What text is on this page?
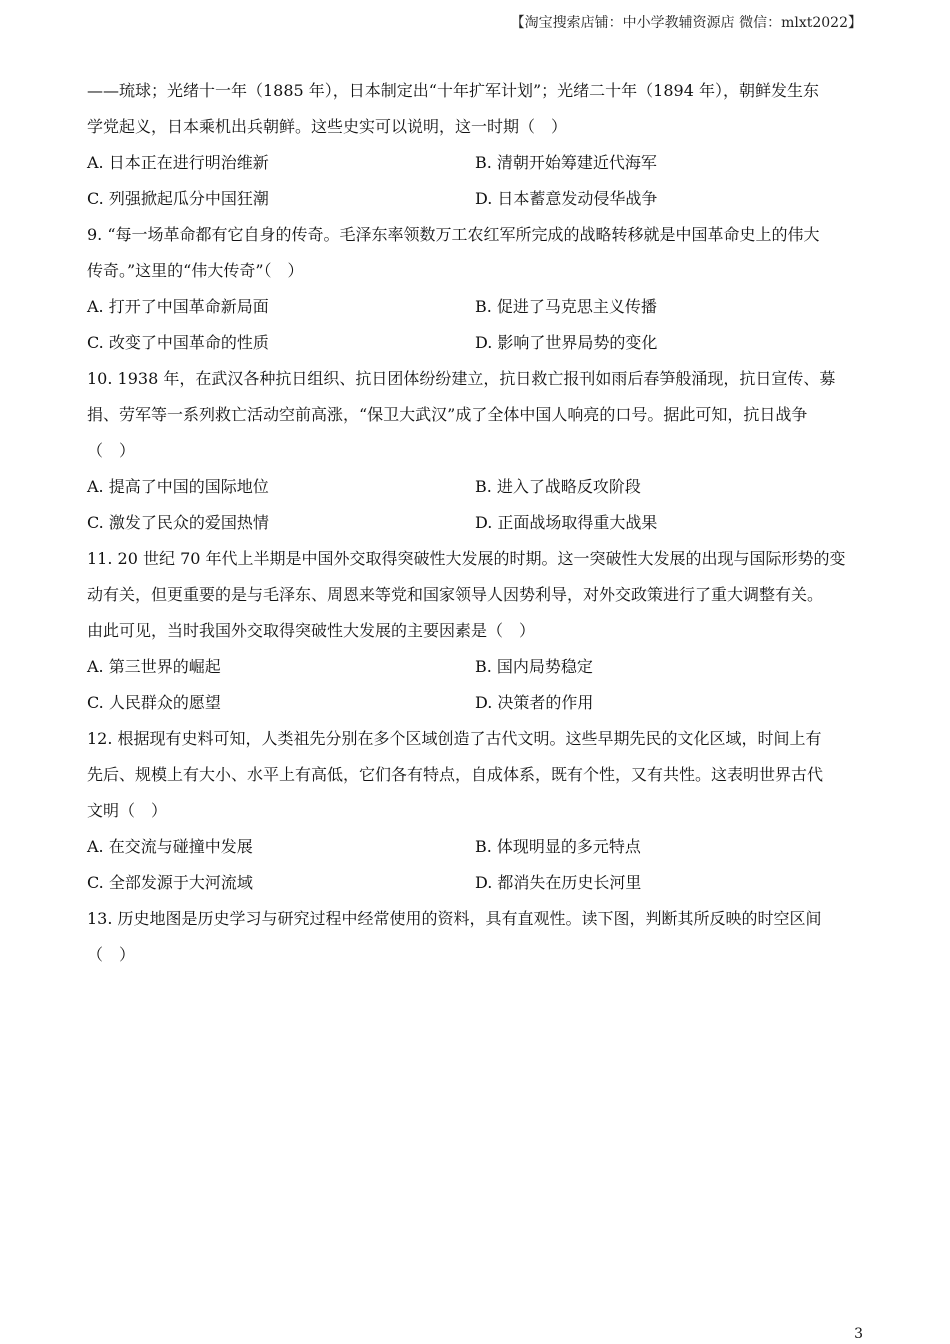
【淘宝搜索店铺：中小学教辅资源店 微信：mlxt2022】
——琉球；光绪十一年（1885 年），日本制定出“十年扩军计划”；光绪二十年（1894 年），朝鲜发生东
学党起义，日本乘机出兵朝鲜。这些史实可以说明，这一时期（　）
A. 日本正在进行明治维新	B. 清朝开始筹建近代海军
C. 列强掀起瓜分中国狂潮	D. 日本蓄意发动侵华战争
9. “每一场革命都有它自身的传奇。毛泽东率领数万工农红军所完成的战略转移就是中国革命史上的伟大
传奇。”这里的“伟大传奇”（　）
A. 打开了中国革命新局面	B. 促进了马克思主义传播
C. 改变了中国革命的性质	D. 影响了世界局势的变化
10. 1938 年，在武汉各种抗日组织、抗日团体纷纷建立，抗日救亡报刊如雨后春笋般涌现，抗日宣传、募
捐、劳军等一系列救亡活动空前高涨，“保卫大武汉”成了全体中国人响亮的口号。据此可知，抗日战争
（　）
A. 提高了中国的国际地位	B. 进入了战略反攻阶段
C. 激发了民众的爱国热情	D. 正面战场取得重大战果
11. 20 世纪 70 年代上半期是中国外交取得突破性大发展的时期。这一突破性大发展的出现与国际形势的变
动有关，但更重要的是与毛泽东、周恩来等党和国家领导人因势利导，对外交政策进行了重大调整有关。
由此可见，当时我国外交取得突破性大发展的主要因素是（　）
A. 第三世界的崛起	B. 国内局势稳定
C. 人民群众的愿望	D. 决策者的作用
12. 根据现有史料可知，人类祖先分别在多个区域创造了古代文明。这些早期先民的文化区域，时间上有
先后、规模上有大小、水平上有高低，它们各有特点，自成体系，既有个性，又有共性。这表明世界古代
文明（　）
A. 在交流与碰撞中发展	B. 体现明显的多元特点
C. 全部发源于大河流域	D. 都消失在历史长河里
13. 历史地图是历史学习与研究过程中经常使用的资料，具有直观性。读下图，判断其所反映的时空区间
（　）
3
